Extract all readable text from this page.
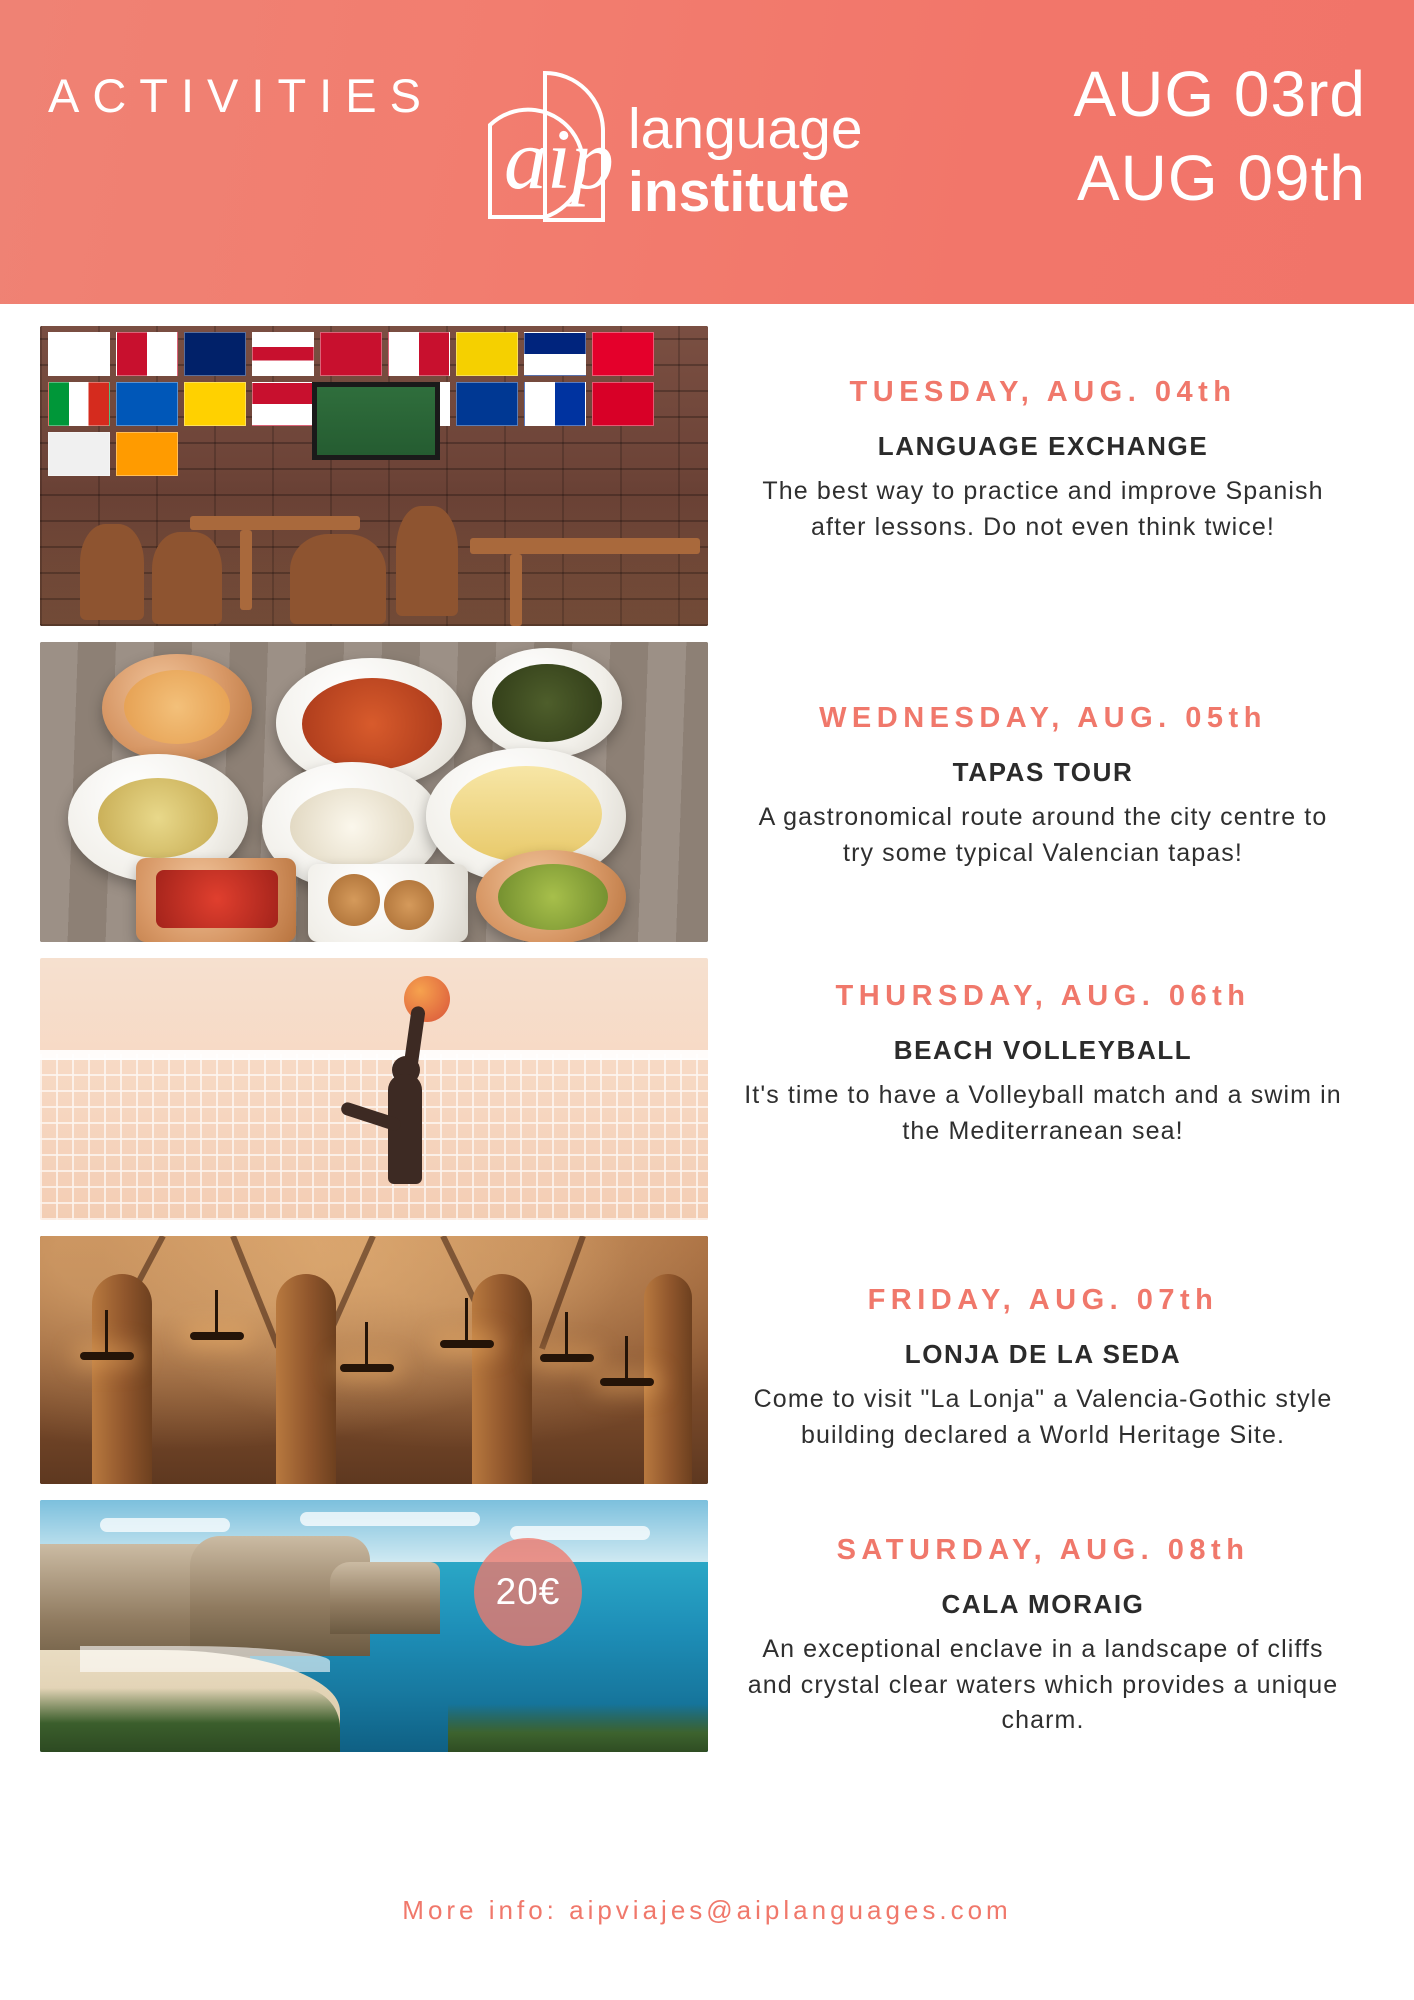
ACTIVITIES
aip language
institute
AUG 03rd
AUG 09th
TUESDAY, AUG. 04th
LANGUAGE EXCHANGE
The best way to practice and improve Spanish after lessons. Do not even think twice!
WEDNESDAY, AUG. 05th
TAPAS TOUR
A gastronomical route around the city centre to try some typical Valencian tapas!
THURSDAY, AUG. 06th
BEACH VOLLEYBALL
It's time to have a Volleyball match and a swim in the Mediterranean sea!
FRIDAY, AUG. 07th
LONJA DE LA SEDA
Come to visit "La Lonja" a Valencia-Gothic style building declared a World Heritage Site.
20€
SATURDAY, AUG. 08th
CALA MORAIG
An exceptional enclave in a landscape of cliffs and crystal clear waters which provides a unique charm.
More info: aipviajes@aiplanguages.com
